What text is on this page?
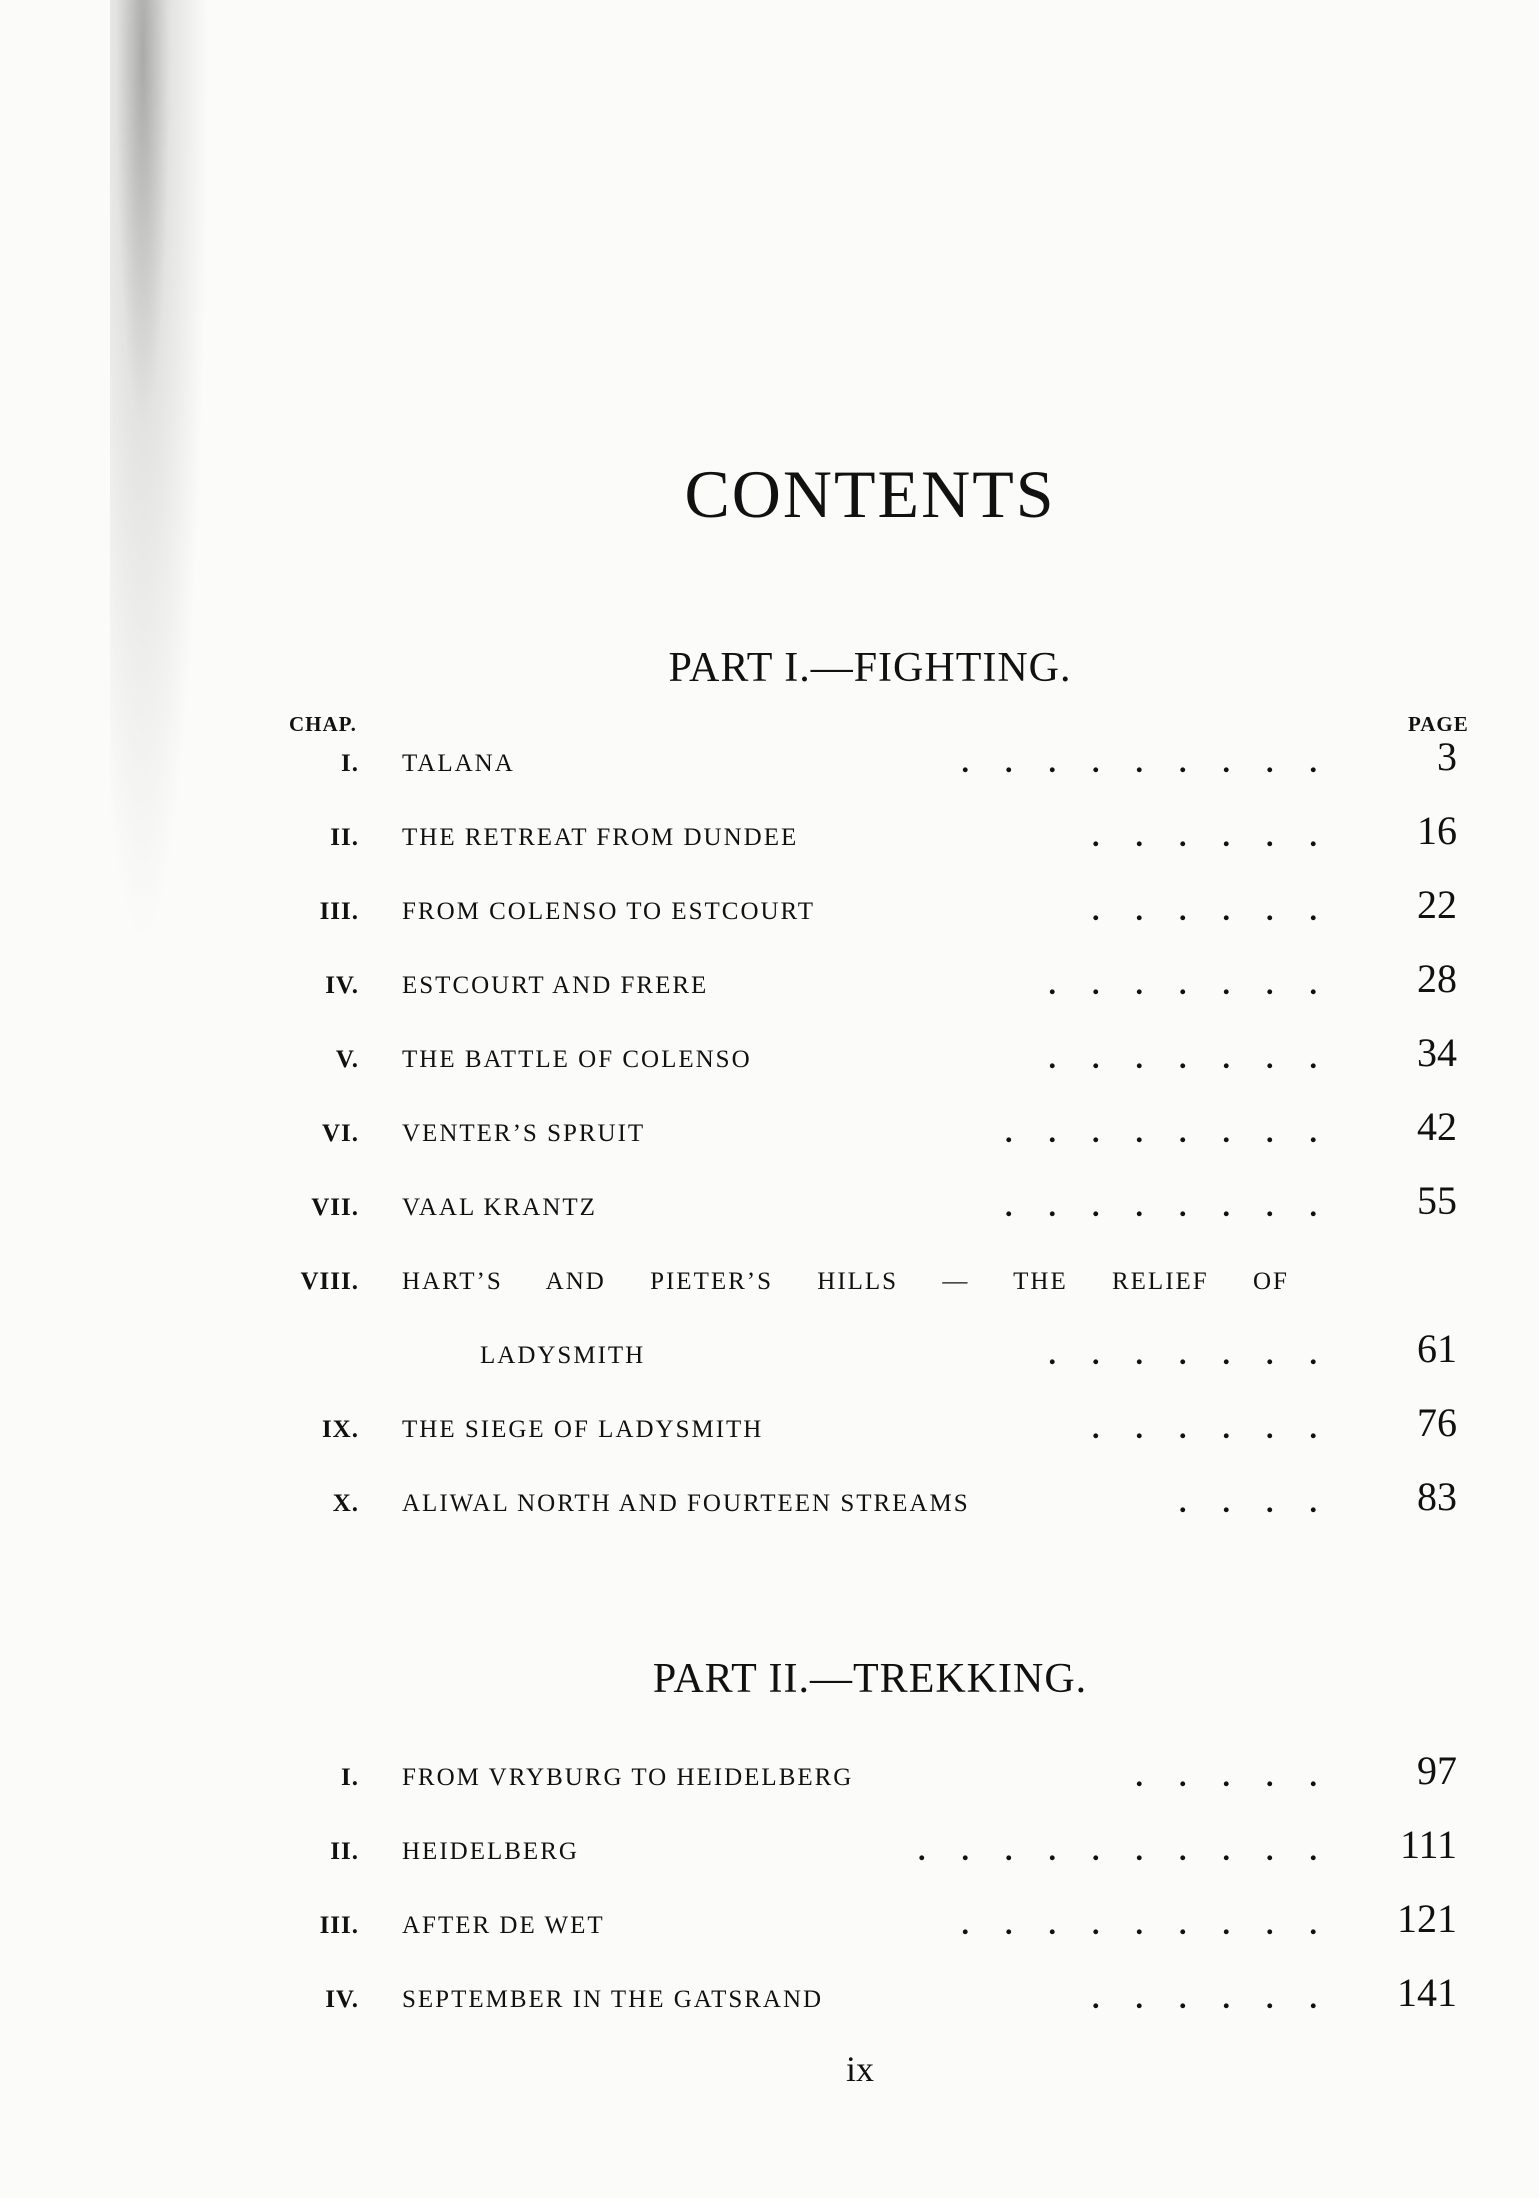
CONTENTS
PART I.—FIGHTING.
CHAP.	PAGE
I. TALANA	......... 3
II. THE RETREAT FROM DUNDEE	...... 16
III. FROM COLENSO TO ESTCOURT	...... 22
IV. ESTCOURT AND FRERE	....... 28
V. THE BATTLE OF COLENSO	....... 34
VI. VENTER’S SPRUIT	........ 42
VII. VAAL KRANTZ	........ 55
VIII. HART’S AND PIETER’S HILLS — THE RELIEF OF
LADYSMITH	....... 61
IX. THE SIEGE OF LADYSMITH	...... 76
X. ALIWAL NORTH AND FOURTEEN STREAMS	.... 83
PART II.—TREKKING.
I. FROM VRYBURG TO HEIDELBERG	..... 97
II. HEIDELBERG	.......... 111
III. AFTER DE WET	......... 121
IV. SEPTEMBER IN THE GATSRAND	...... 141
ix
